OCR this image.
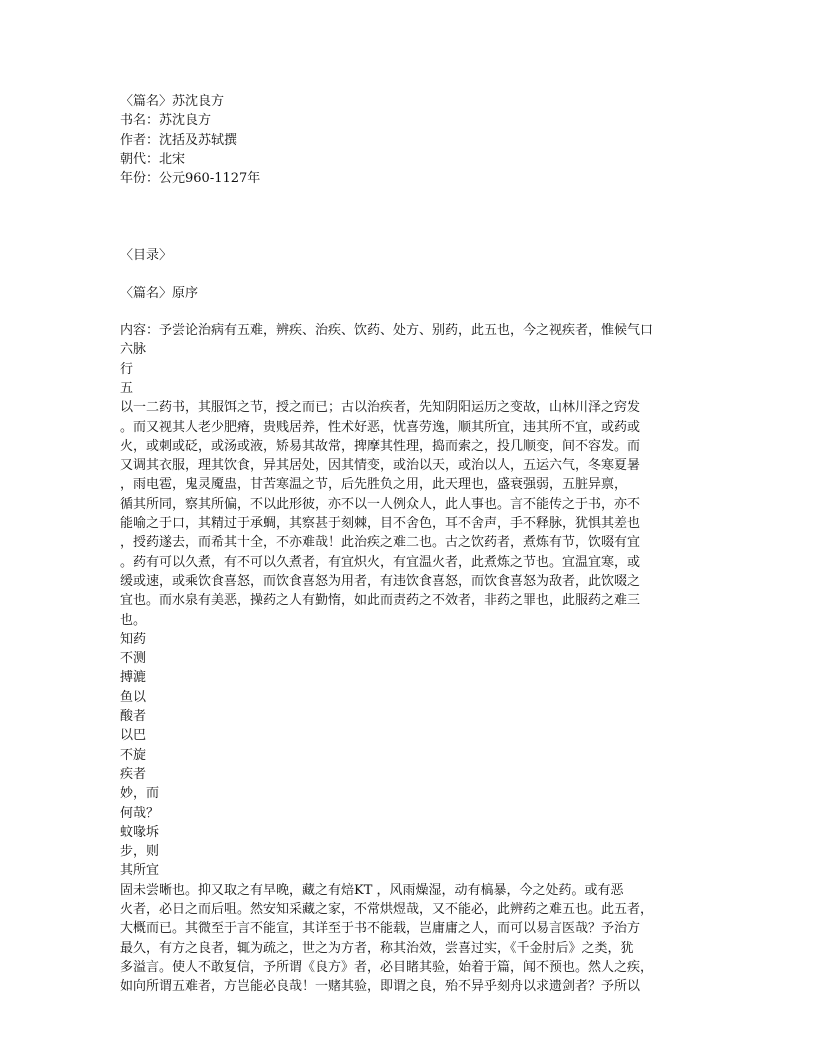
〈篇名〉苏沈良方
书名：苏沈良方
作者：沈括及苏轼撰
朝代：北宋
年份：公元960-1127年
〈目录〉
〈篇名〉原序
内容：予尝论治病有五难，辨疾、治疾、饮药、处方、别药，此五也，今之视疾者，惟候气口
六脉
行
五
以一二药书，其服饵之节，授之而已；古以治疾者，先知阴阳运历之变故，山林川泽之窍发
。而又视其人老少肥瘠，贵贱居养，性术好恶，忧喜劳逸，顺其所宜，违其所不宜，或药或
火，或刺或砭，或汤或液，矫易其故常，捭摩其性理，捣而索之，投几顺变，间不容发。而
又调其衣服，理其饮食，异其居处，因其情变，或治以天，或治以人，五运六气，冬寒夏暑
，雨电雹，鬼灵魇蛊，甘苦寒温之节，后先胜负之用，此天理也，盛衰强弱，五脏异禀，
循其所同，察其所偏，不以此形彼，亦不以一人例众人，此人事也。言不能传之于书，亦不
能喻之于口，其精过于承蜩，其察甚于刻棘，目不舍色，耳不舍声，手不释脉，犹惧其差也
，授药遂去，而希其十全，不亦难哉！此治疾之难二也。古之饮药者，煮炼有节，饮啜有宜
。药有可以久煮，有不可以久煮者，有宜炽火，有宜温火者，此煮炼之节也。宜温宜寒，或
缓或速，或乘饮食喜怒，而饮食喜怒为用者，有违饮食喜怒，而饮食喜怒为敌者，此饮啜之
宜也。而水泉有美恶，操药之人有勤惰，如此而责药之不效者，非药之罪也，此服药之难三
也。
知药
不测
搏漉
鱼以
酸者
以巴
不旋
疾者
妙，而
何哉？
蚊喙坼
步，则
其所宜
固未尝晰也。抑又取之有早晚，藏之有焙KT ，风雨燥湿，动有槁暴，今之处药。或有恶
火者，必日之而后咀。然安知采藏之家，不常烘煜哉，又不能必，此辨药之难五也。此五者，
大概而已。其微至于言不能宣，其详至于书不能载，岂庸庸之人，而可以易言医哉？予治方
最久，有方之良者，辄为疏之，世之为方者，称其治效，尝喜过实，《千金肘后》之类，犹
多溢言。使人不敢复信，予所谓《良方》者，必目睹其验，始着于篇，闻不预也。然人之疾，
如向所谓五难者，方岂能必良哉！一赌其验，即谓之良，殆不异乎刻舟以求遗剑者？予所以
